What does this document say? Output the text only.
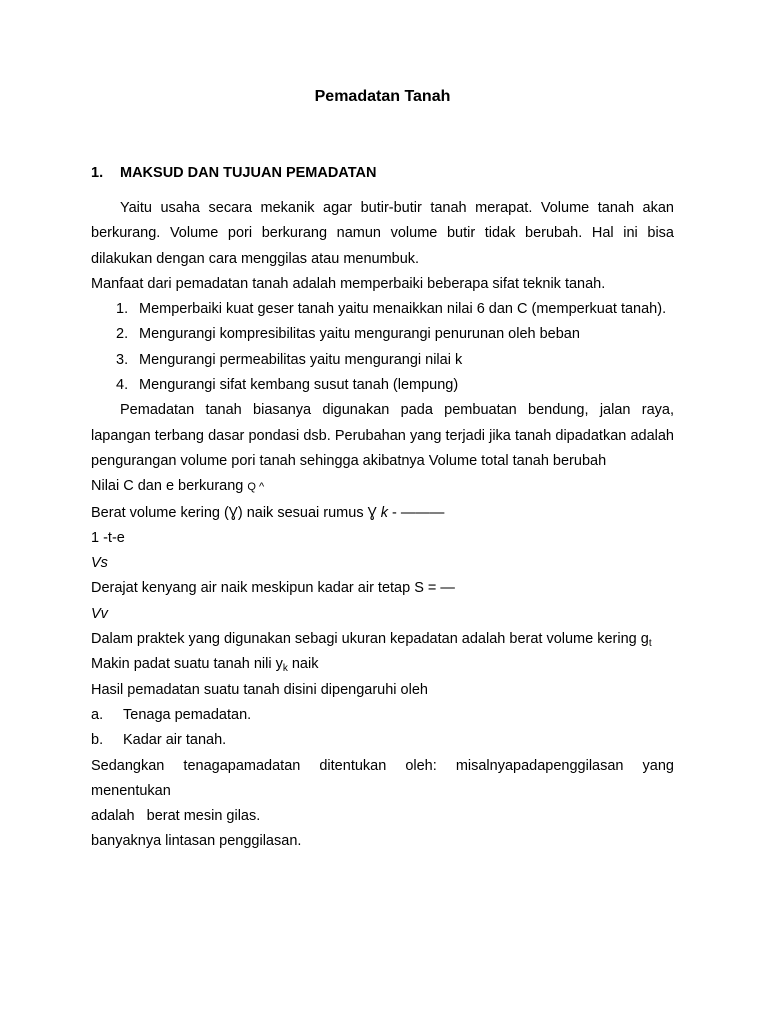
Pemadatan Tanah
1. MAKSUD DAN TUJUAN PEMADATAN

Yaitu usaha secara mekanik agar butir-butir tanah merapat. Volume tanah akan berkurang. Volume pori berkurang namun volume butir tidak berubah. Hal ini bisa dilakukan dengan cara menggilas atau menumbuk.

Manfaat dari pemadatan tanah adalah memperbaiki beberapa sifat teknik tanah.

1. Memperbaiki kuat geser tanah yaitu menaikkan nilai 6 dan C (memperkuat tanah).
2. Mengurangi kompresibilitas yaitu mengurangi penurunan oleh beban
3. Mengurangi permeabilitas yaitu mengurangi nilai k
4. Mengurangi sifat kembang susut tanah (lempung)

Pemadatan tanah biasanya digunakan pada pembuatan bendung, jalan raya, lapangan terbang dasar pondasi dsb. Perubahan yang terjadi jika tanah dipadatkan adalah pengurangan volume pori tanah sehingga akibatnya Volume total tanah berubah

Nilai C dan e berkurang Q ^

Berat volume kering (Ɣ) naik sesuai rumus Ɣ k - ———

1 -t-e

Vs

Derajat kenyang air naik meskipun kadar air tetap S = —

Vv

Dalam praktek yang digunakan sebagi ukuran kepadatan adalah berat volume kering $g_t$

Makin padat suatu tanah nili $y_k$ naik

Hasil pemadatan suatu tanah disini dipengaruhi oleh

a. Tenaga pemadatan.
b. Kadar air tanah.

Sedangkan tenagapamadatan ditentukan oleh: misalnyapadapenggilasan yang menentukan

adalah   berat mesin gilas.

banyaknya lintasan penggilasan.
